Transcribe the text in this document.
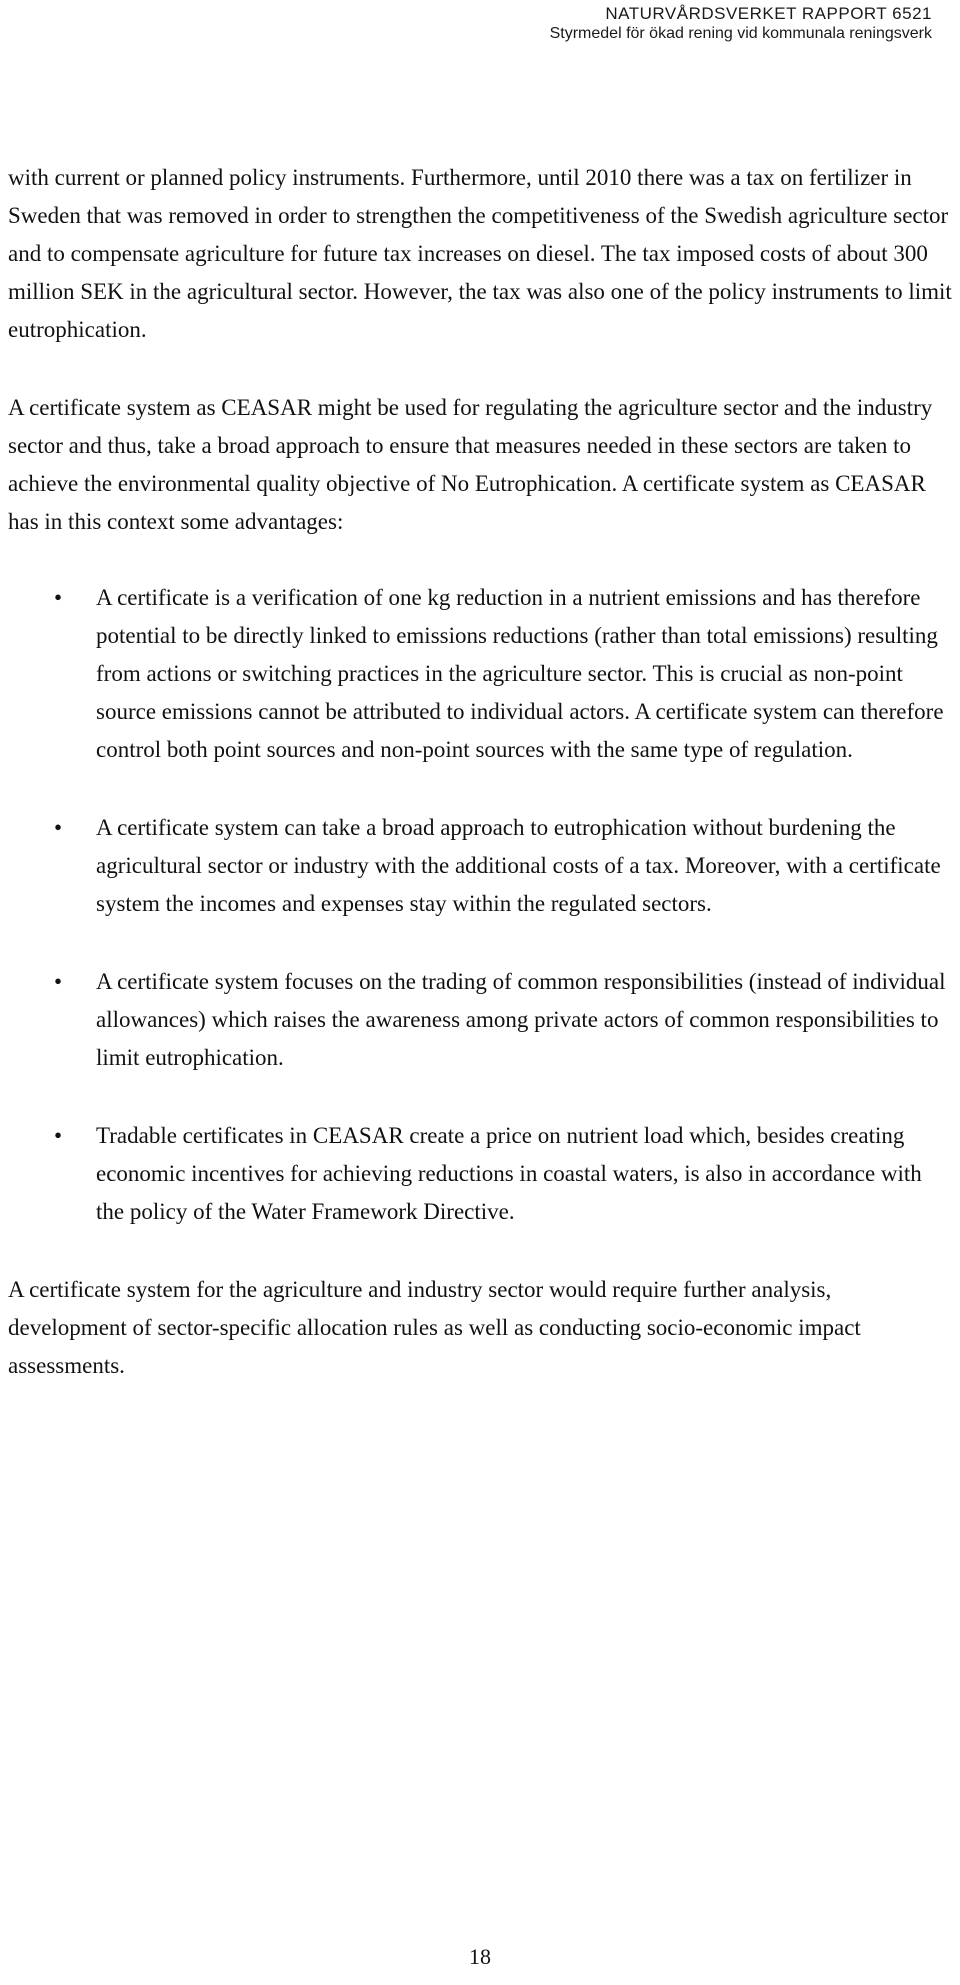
NATURVÅRDSVERKET RAPPORT 6521
Styrmedel för ökad rening vid kommunala reningsverk

with current or planned policy instruments. Furthermore, until 2010 there was a tax on fertilizer in Sweden that was removed in order to strengthen the competitiveness of the Swedish agriculture sector and to compensate agriculture for future tax increases on diesel. The tax imposed costs of about 300 million SEK in the agricultural sector. However, the tax was also one of the policy instruments to limit eutrophication.

A certificate system as CEASAR might be used for regulating the agriculture sector and the industry sector and thus, take a broad approach to ensure that measures needed in these sectors are taken to achieve the environmental quality objective of No Eutrophication. A certificate system as CEASAR has in this context some advantages:

• A certificate is a verification of one kg reduction in a nutrient emissions and has therefore potential to be directly linked to emissions reductions (rather than total emissions) resulting from actions or switching practices in the agriculture sector. This is crucial as non-point source emissions cannot be attributed to individual actors. A certificate system can therefore control both point sources and non-point sources with the same type of regulation.
• A certificate system can take a broad approach to eutrophication without burdening the agricultural sector or industry with the additional costs of a tax. Moreover, with a certificate system the incomes and expenses stay within the regulated sectors.
• A certificate system focuses on the trading of common responsibilities (instead of individual allowances) which raises the awareness among private actors of common responsibilities to limit eutrophication.
• Tradable certificates in CEASAR create a price on nutrient load which, besides creating economic incentives for achieving reductions in coastal waters, is also in accordance with the policy of the Water Framework Directive.

A certificate system for the agriculture and industry sector would require further analysis, development of sector-specific allocation rules as well as conducting socio-economic impact assessments.

18
